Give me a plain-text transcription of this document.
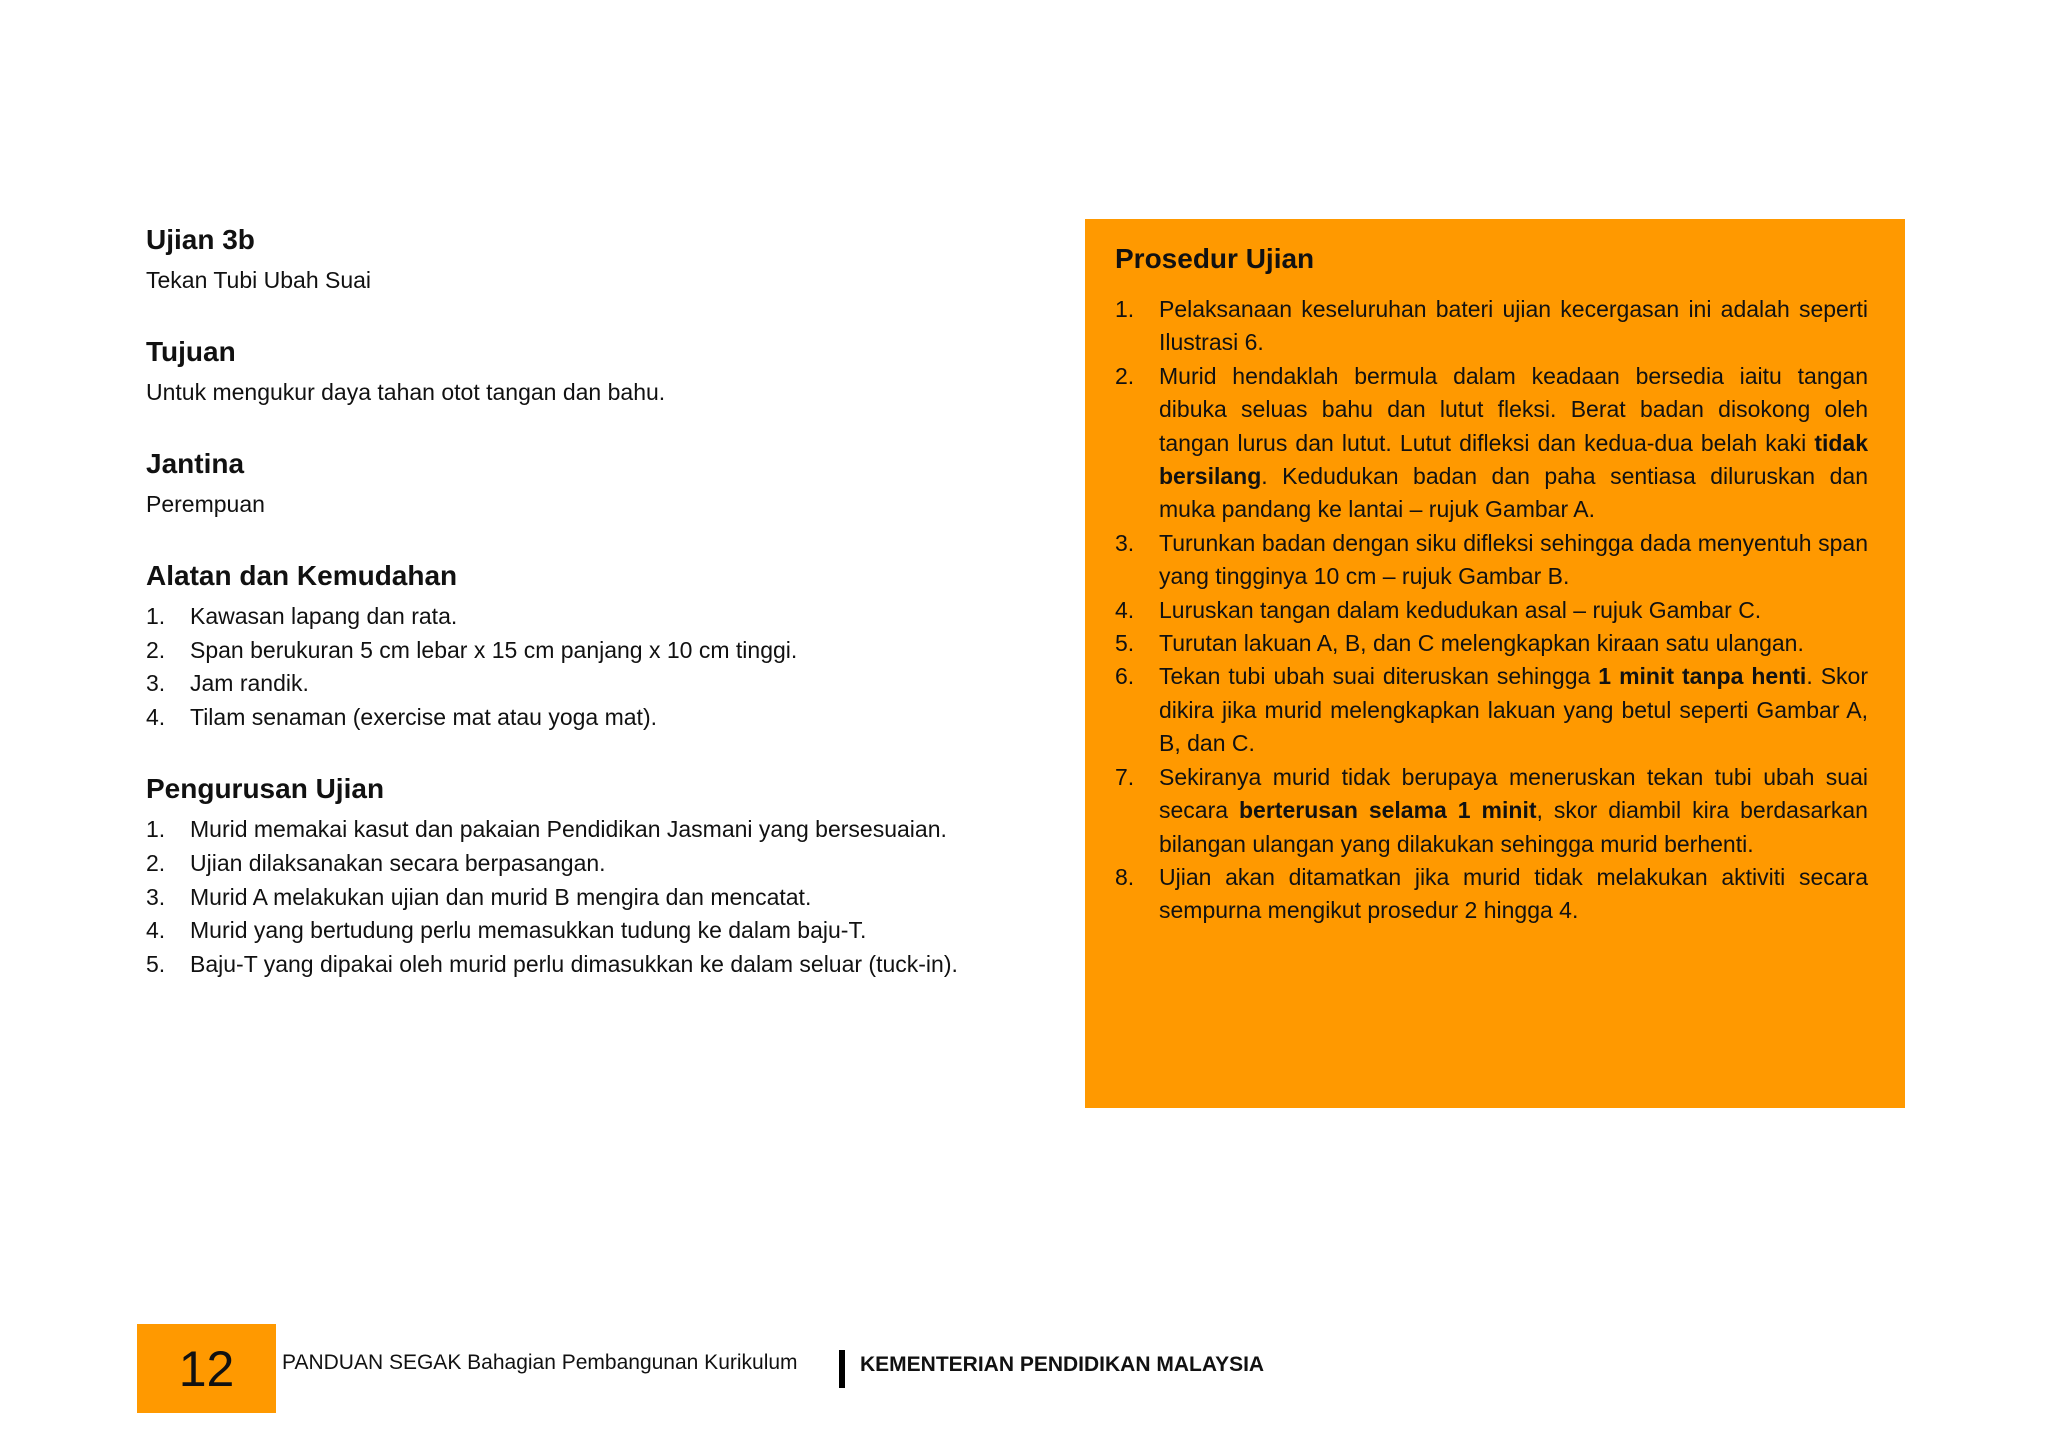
Ujian 3b

Tekan Tubi Ubah Suai

Tujuan

Untuk mengukur daya tahan otot tangan dan bahu.

Jantina

Perempuan

Alatan dan Kemudahan
1. Kawasan lapang dan rata.
2. Span berukuran 5 cm lebar x 15 cm panjang x 10 cm tinggi.
3. Jam randik.
4. Tilam senaman (exercise mat atau yoga mat).
Pengurusan Ujian
1. Murid memakai kasut dan pakaian Pendidikan Jasmani yang bersesuaian.
2. Ujian dilaksanakan secara berpasangan.
3. Murid A melakukan ujian dan murid B mengira dan mencatat.
4. Murid yang bertudung perlu memasukkan tudung ke dalam baju-T.
5. Baju-T yang dipakai oleh murid perlu dimasukkan ke dalam seluar (tuck-in).
Prosedur Ujian
1. Pelaksanaan keseluruhan bateri ujian kecergasan ini adalah seperti Ilustrasi 6.
2. Murid hendaklah bermula dalam keadaan bersedia iaitu tangan dibuka seluas bahu dan lutut fleksi. Berat badan disokong oleh tangan lurus dan lutut. Lutut difleksi dan kedua-dua belah kaki tidak bersilang. Kedudukan badan dan paha sentiasa diluruskan dan muka pandang ke lantai – rujuk Gambar A.
3. Turunkan badan dengan siku difleksi sehingga dada menyentuh span yang tingginya 10 cm – rujuk Gambar B.
4. Luruskan tangan dalam kedudukan asal – rujuk Gambar C.
5. Turutan lakuan A, B, dan C melengkapkan kiraan satu ulangan.
6. Tekan tubi ubah suai diteruskan sehingga 1 minit tanpa henti. Skor dikira jika murid melengkapkan lakuan yang betul seperti Gambar A, B, dan C.
7. Sekiranya murid tidak berupaya meneruskan tekan tubi ubah suai secara berterusan selama 1 minit, skor diambil kira berdasarkan bilangan ulangan yang dilakukan sehingga murid berhenti.
8. Ujian akan ditamatkan jika murid tidak melakukan aktiviti secara sempurna mengikut prosedur 2 hingga 4.
12	PANDUAN SEGAK Bahagian Pembangunan Kurikulum	KEMENTERIAN PENDIDIKAN MALAYSIA
